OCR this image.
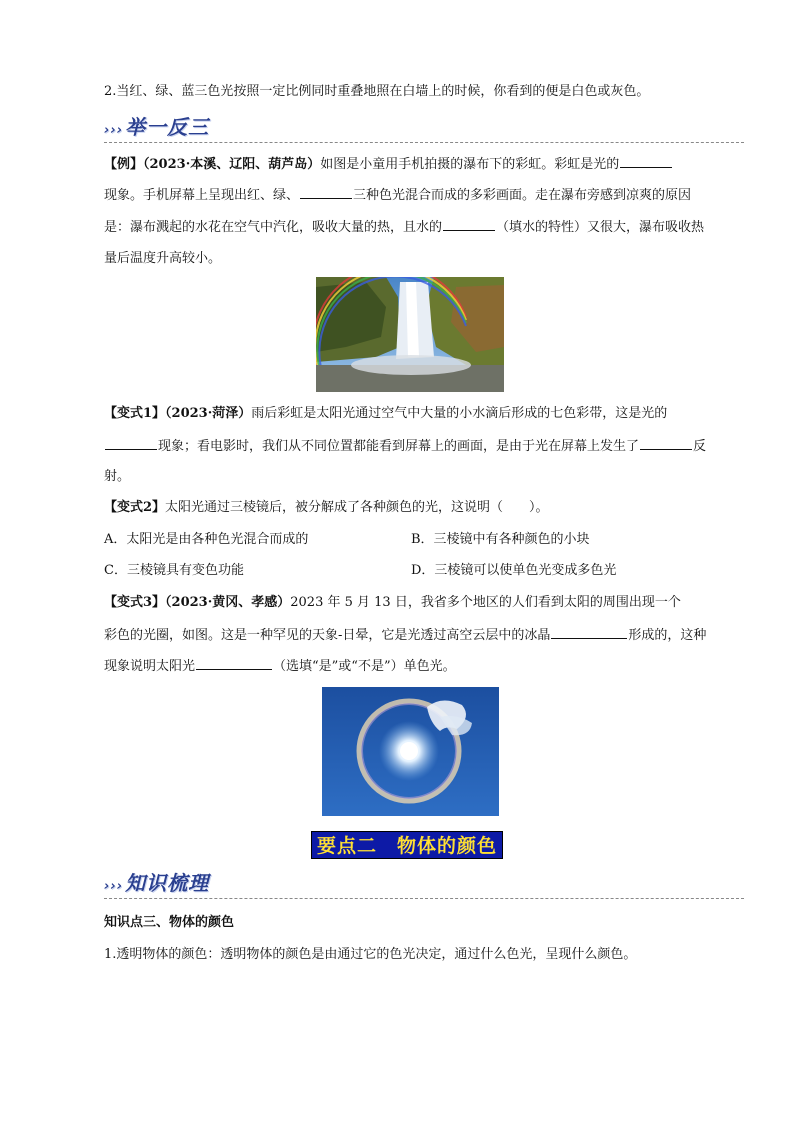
2.当红、绿、蓝三色光按照一定比例同时重叠地照在白墙上的时候，你看到的便是白色或灰色。
››› 举一反三
【例】（2023·本溪、辽阳、葫芦岛）如图是小童用手机拍摄的瀑布下的彩虹。彩虹是光的
现象。手机屏幕上呈现出红、绿、	三种色光混合而成的多彩画面。走在瀑布旁感到凉爽的原因
是：瀑布溅起的水花在空气中汽化，吸收大量的热，且水的	（填水的特性）又很大，瀑布吸收热
量后温度升高较小。
【变式1】（2023·菏泽）雨后彩虹是太阳光通过空气中大量的小水滴后形成的七色彩带，这是光的
现象；看电影时，我们从不同位置都能看到屏幕上的画面，是由于光在屏幕上发生了	反
射。
【变式2】太阳光通过三棱镜后，被分解成了各种颜色的光，这说明（　　）。
A．太阳光是由各种色光混合而成的	B．三棱镜中有各种颜色的小块
C．三棱镜具有变色功能	D．三棱镜可以使单色光变成多色光
【变式3】（2023·黄冈、孝感）2023 年 5 月 13 日，我省多个地区的人们看到太阳的周围出现一个
彩色的光圈，如图。这是一种罕见的天象-日晕，它是光透过高空云层中的冰晶	形成的，这种
现象说明太阳光	（选填“是”或“不是”）单色光。
要点二　物体的颜色
››› 知识梳理
知识点三、物体的颜色
1.透明物体的颜色：透明物体的颜色是由通过它的色光决定，通过什么色光，呈现什么颜色。
